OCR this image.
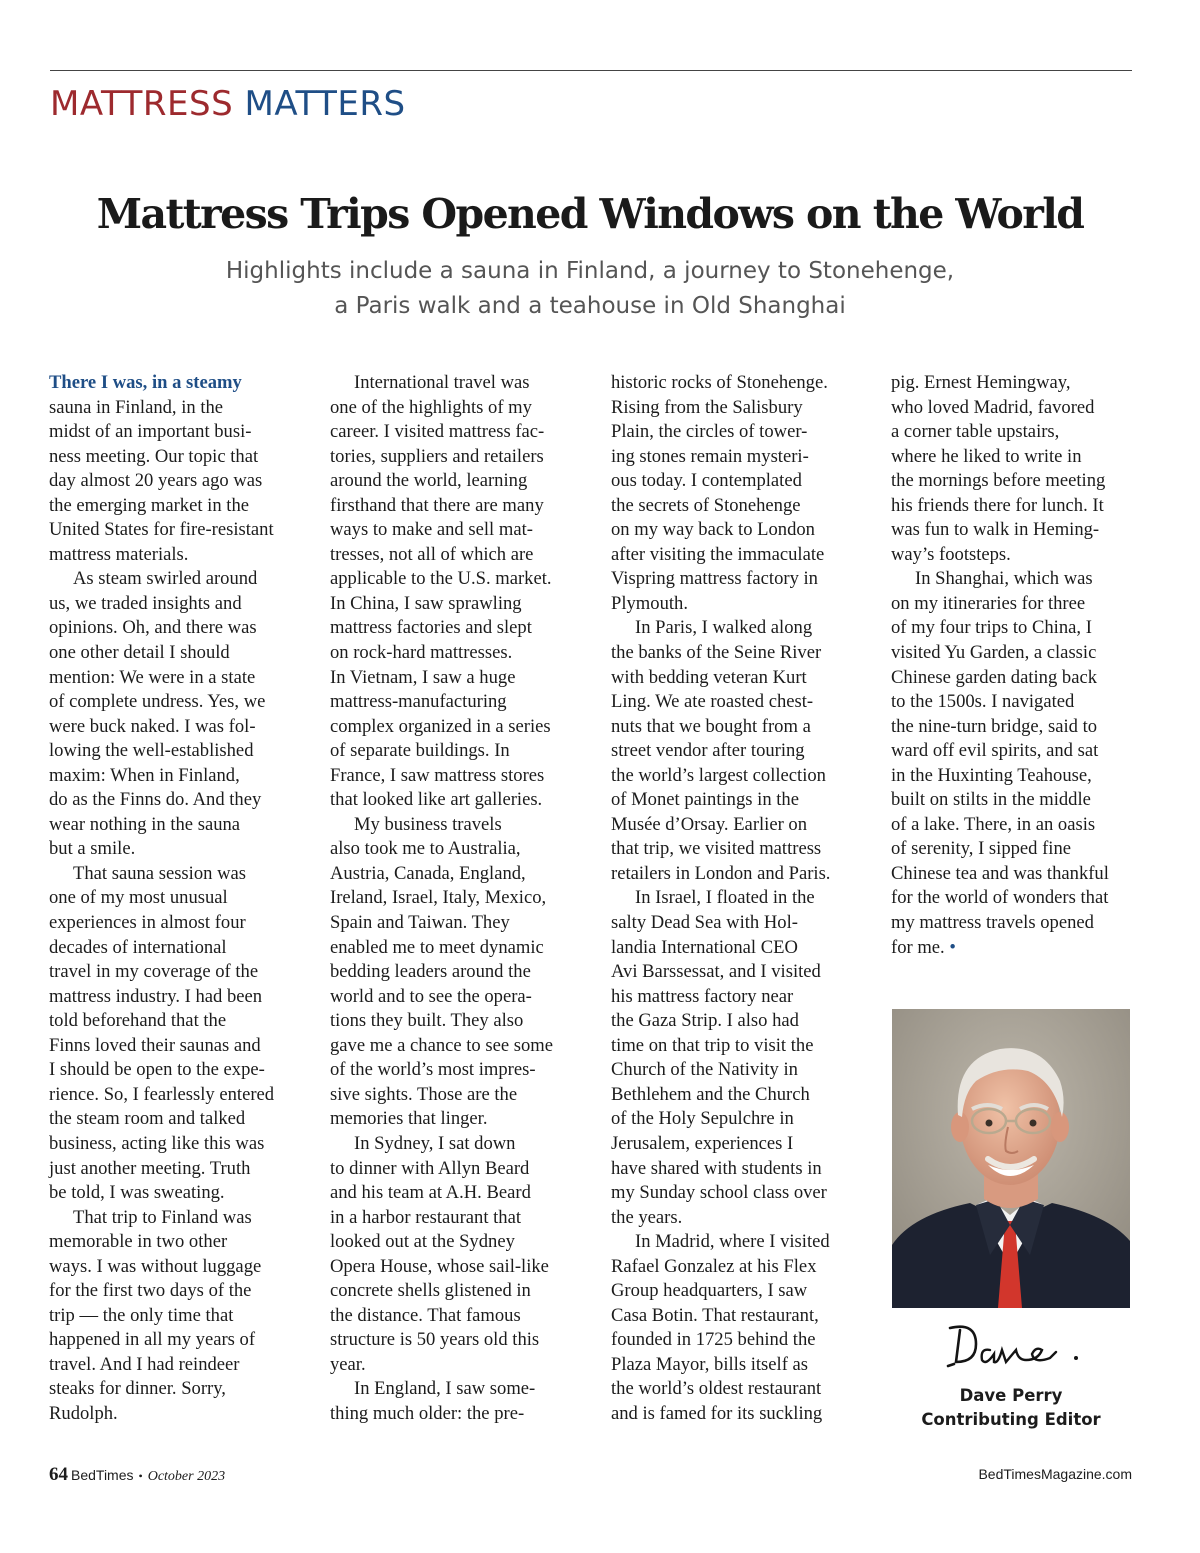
MATTRESS MATTERS
Mattress Trips Opened Windows on the World
Highlights include a sauna in Finland, a journey to Stonehenge,
a Paris walk and a teahouse in Old Shanghai
There I was, in a steamy
sauna in Finland, in the
midst of an important busi-
ness meeting. Our topic that
day almost 20 years ago was
the emerging market in the
United States for fire-resistant
mattress materials.
As steam swirled around
us, we traded insights and
opinions. Oh, and there was
one other detail I should
mention: We were in a state
of complete undress. Yes, we
were buck naked. I was fol-
lowing the well-established
maxim: When in Finland,
do as the Finns do. And they
wear nothing in the sauna
but a smile.
That sauna session was
one of my most unusual
experiences in almost four
decades of international
travel in my coverage of the
mattress industry. I had been
told beforehand that the
Finns loved their saunas and
I should be open to the expe-
rience. So, I fearlessly entered
the steam room and talked
business, acting like this was
just another meeting. Truth
be told, I was sweating.
That trip to Finland was
memorable in two other
ways. I was without luggage
for the first two days of the
trip — the only time that
happened in all my years of
travel. And I had reindeer
steaks for dinner. Sorry,
Rudolph.
International travel was
one of the highlights of my
career. I visited mattress fac-
tories, suppliers and retailers
around the world, learning
firsthand that there are many
ways to make and sell mat-
tresses, not all of which are
applicable to the U.S. market.
In China, I saw sprawling
mattress factories and slept
on rock-hard mattresses.
In Vietnam, I saw a huge
mattress-manufacturing
complex organized in a series
of separate buildings. In
France, I saw mattress stores
that looked like art galleries.
My business travels
also took me to Australia,
Austria, Canada, England,
Ireland, Israel, Italy, Mexico,
Spain and Taiwan. They
enabled me to meet dynamic
bedding leaders around the
world and to see the opera-
tions they built. They also
gave me a chance to see some
of the world’s most impres-
sive sights. Those are the
memories that linger.
In Sydney, I sat down
to dinner with Allyn Beard
and his team at A.H. Beard
in a harbor restaurant that
looked out at the Sydney
Opera House, whose sail-like
concrete shells glistened in
the distance. That famous
structure is 50 years old this
year.
In England, I saw some-
thing much older: the pre-
historic rocks of Stonehenge.
Rising from the Salisbury
Plain, the circles of tower-
ing stones remain mysteri-
ous today. I contemplated
the secrets of Stonehenge
on my way back to London
after visiting the immaculate
Vispring mattress factory in
Plymouth.
In Paris, I walked along
the banks of the Seine River
with bedding veteran Kurt
Ling. We ate roasted chest-
nuts that we bought from a
street vendor after touring
the world’s largest collection
of Monet paintings in the
Musée d’Orsay. Earlier on
that trip, we visited mattress
retailers in London and Paris.
In Israel, I floated in the
salty Dead Sea with Hol-
landia International CEO
Avi Barssessat, and I visited
his mattress factory near
the Gaza Strip. I also had
time on that trip to visit the
Church of the Nativity in
Bethlehem and the Church
of the Holy Sepulchre in
Jerusalem, experiences I
have shared with students in
my Sunday school class over
the years.
In Madrid, where I visited
Rafael Gonzalez at his Flex
Group headquarters, I saw
Casa Botin. That restaurant,
founded in 1725 behind the
Plaza Mayor, bills itself as
the world’s oldest restaurant
and is famed for its suckling
pig. Ernest Hemingway,
who loved Madrid, favored
a corner table upstairs,
where he liked to write in
the mornings before meeting
his friends there for lunch. It
was fun to walk in Heming-
way’s footsteps.
In Shanghai, which was
on my itineraries for three
of my four trips to China, I
visited Yu Garden, a classic
Chinese garden dating back
to the 1500s. I navigated
the nine-turn bridge, said to
ward off evil spirits, and sat
in the Huxinting Teahouse,
built on stilts in the middle
of a lake. There, in an oasis
of serenity, I sipped fine
Chinese tea and was thankful
for the world of wonders that
my mattress travels opened
for me. •
Dave Perry
Contributing Editor
64 BedTimes • October 2023	BedTimesMagazine.com
